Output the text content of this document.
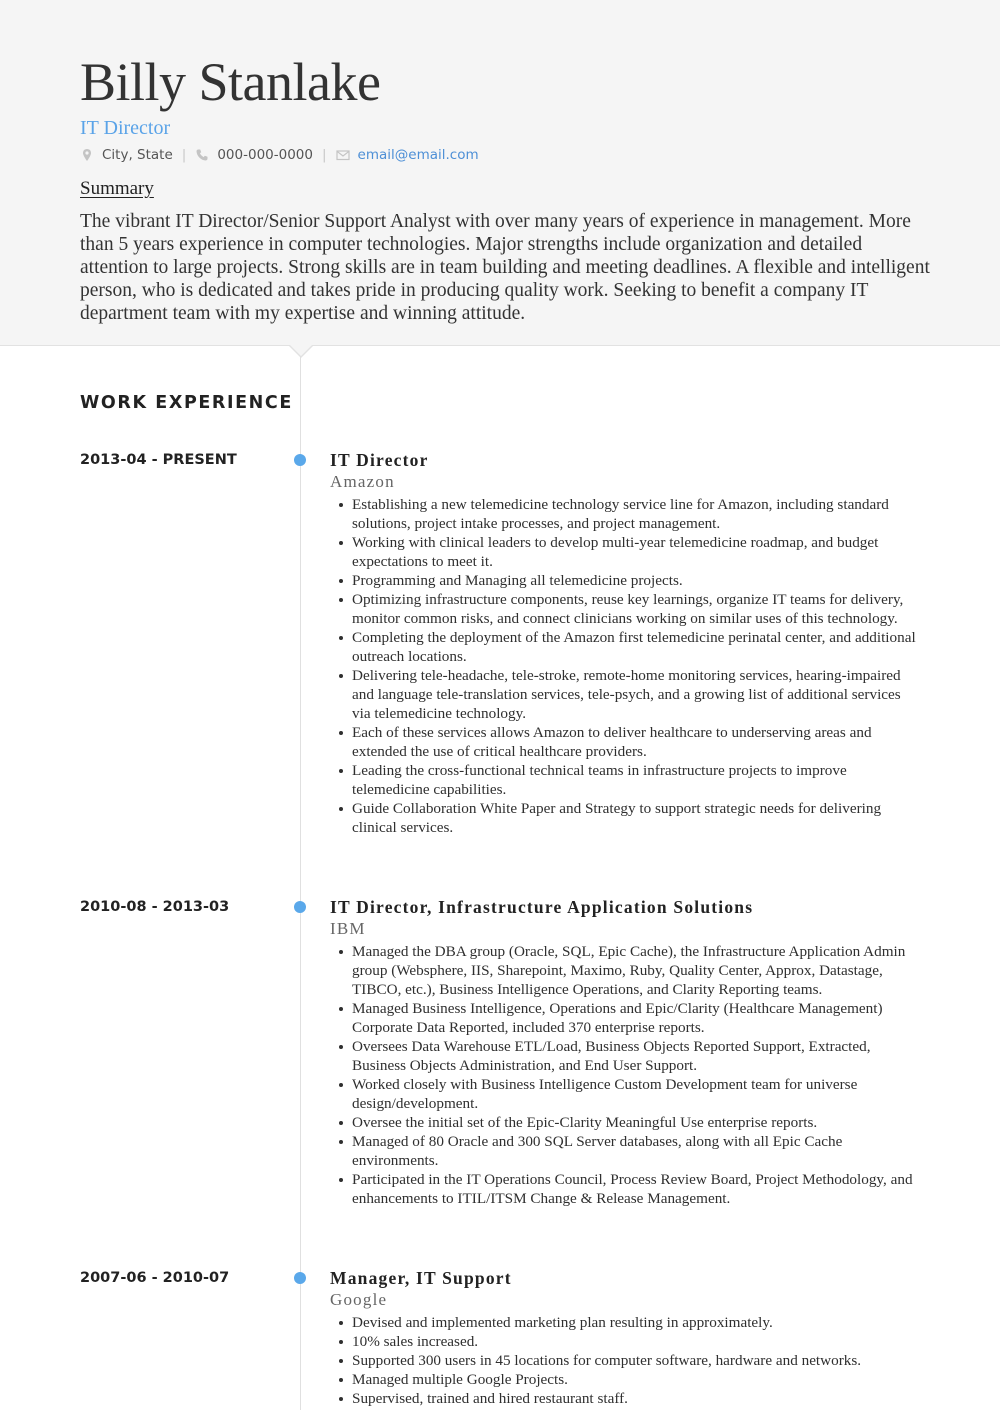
Billy Stanlake
IT Director
City, State | 000-000-0000 | email@email.com
Summary
The vibrant IT Director/Senior Support Analyst with over many years of experience in management. More than 5 years experience in computer technologies. Major strengths include organization and detailed attention to large projects. Strong skills are in team building and meeting deadlines. A flexible and intelligent person, who is dedicated and takes pride in producing quality work. Seeking to benefit a company IT department team with my expertise and winning attitude.
WORK EXPERIENCE
2013-04 - PRESENT	IT Director
Amazon
Establishing a new telemedicine technology service line for Amazon, including standard solutions, project intake processes, and project management.
Working with clinical leaders to develop multi-year telemedicine roadmap, and budget expectations to meet it.
Programming and Managing all telemedicine projects.
Optimizing infrastructure components, reuse key learnings, organize IT teams for delivery, monitor common risks, and connect clinicians working on similar uses of this technology.
Completing the deployment of the Amazon first telemedicine perinatal center, and additional outreach locations.
Delivering tele-headache, tele-stroke, remote-home monitoring services, hearing-impaired and language tele-translation services, tele-psych, and a growing list of additional services via telemedicine technology.
Each of these services allows Amazon to deliver healthcare to underserving areas and extended the use of critical healthcare providers.
Leading the cross-functional technical teams in infrastructure projects to improve telemedicine capabilities.
Guide Collaboration White Paper and Strategy to support strategic needs for delivering clinical services.
2010-08 - 2013-03	IT Director, Infrastructure Application Solutions
IBM
Managed the DBA group (Oracle, SQL, Epic Cache), the Infrastructure Application Admin group (Websphere, IIS, Sharepoint, Maximo, Ruby, Quality Center, Approx, Datastage, TIBCO, etc.), Business Intelligence Operations, and Clarity Reporting teams.
Managed Business Intelligence, Operations and Epic/Clarity (Healthcare Management) Corporate Data Reported, included 370 enterprise reports.
Oversees Data Warehouse ETL/Load, Business Objects Reported Support, Extracted, Business Objects Administration, and End User Support.
Worked closely with Business Intelligence Custom Development team for universe design/development.
Oversee the initial set of the Epic-Clarity Meaningful Use enterprise reports.
Managed of 80 Oracle and 300 SQL Server databases, along with all Epic Cache environments.
Participated in the IT Operations Council, Process Review Board, Project Methodology, and enhancements to ITIL/ITSM Change & Release Management.
2007-06 - 2010-07	Manager, IT Support
Google
Devised and implemented marketing plan resulting in approximately.
10% sales increased.
Supported 300 users in 45 locations for computer software, hardware and networks.
Managed multiple Google Projects.
Supervised, trained and hired restaurant staff.
